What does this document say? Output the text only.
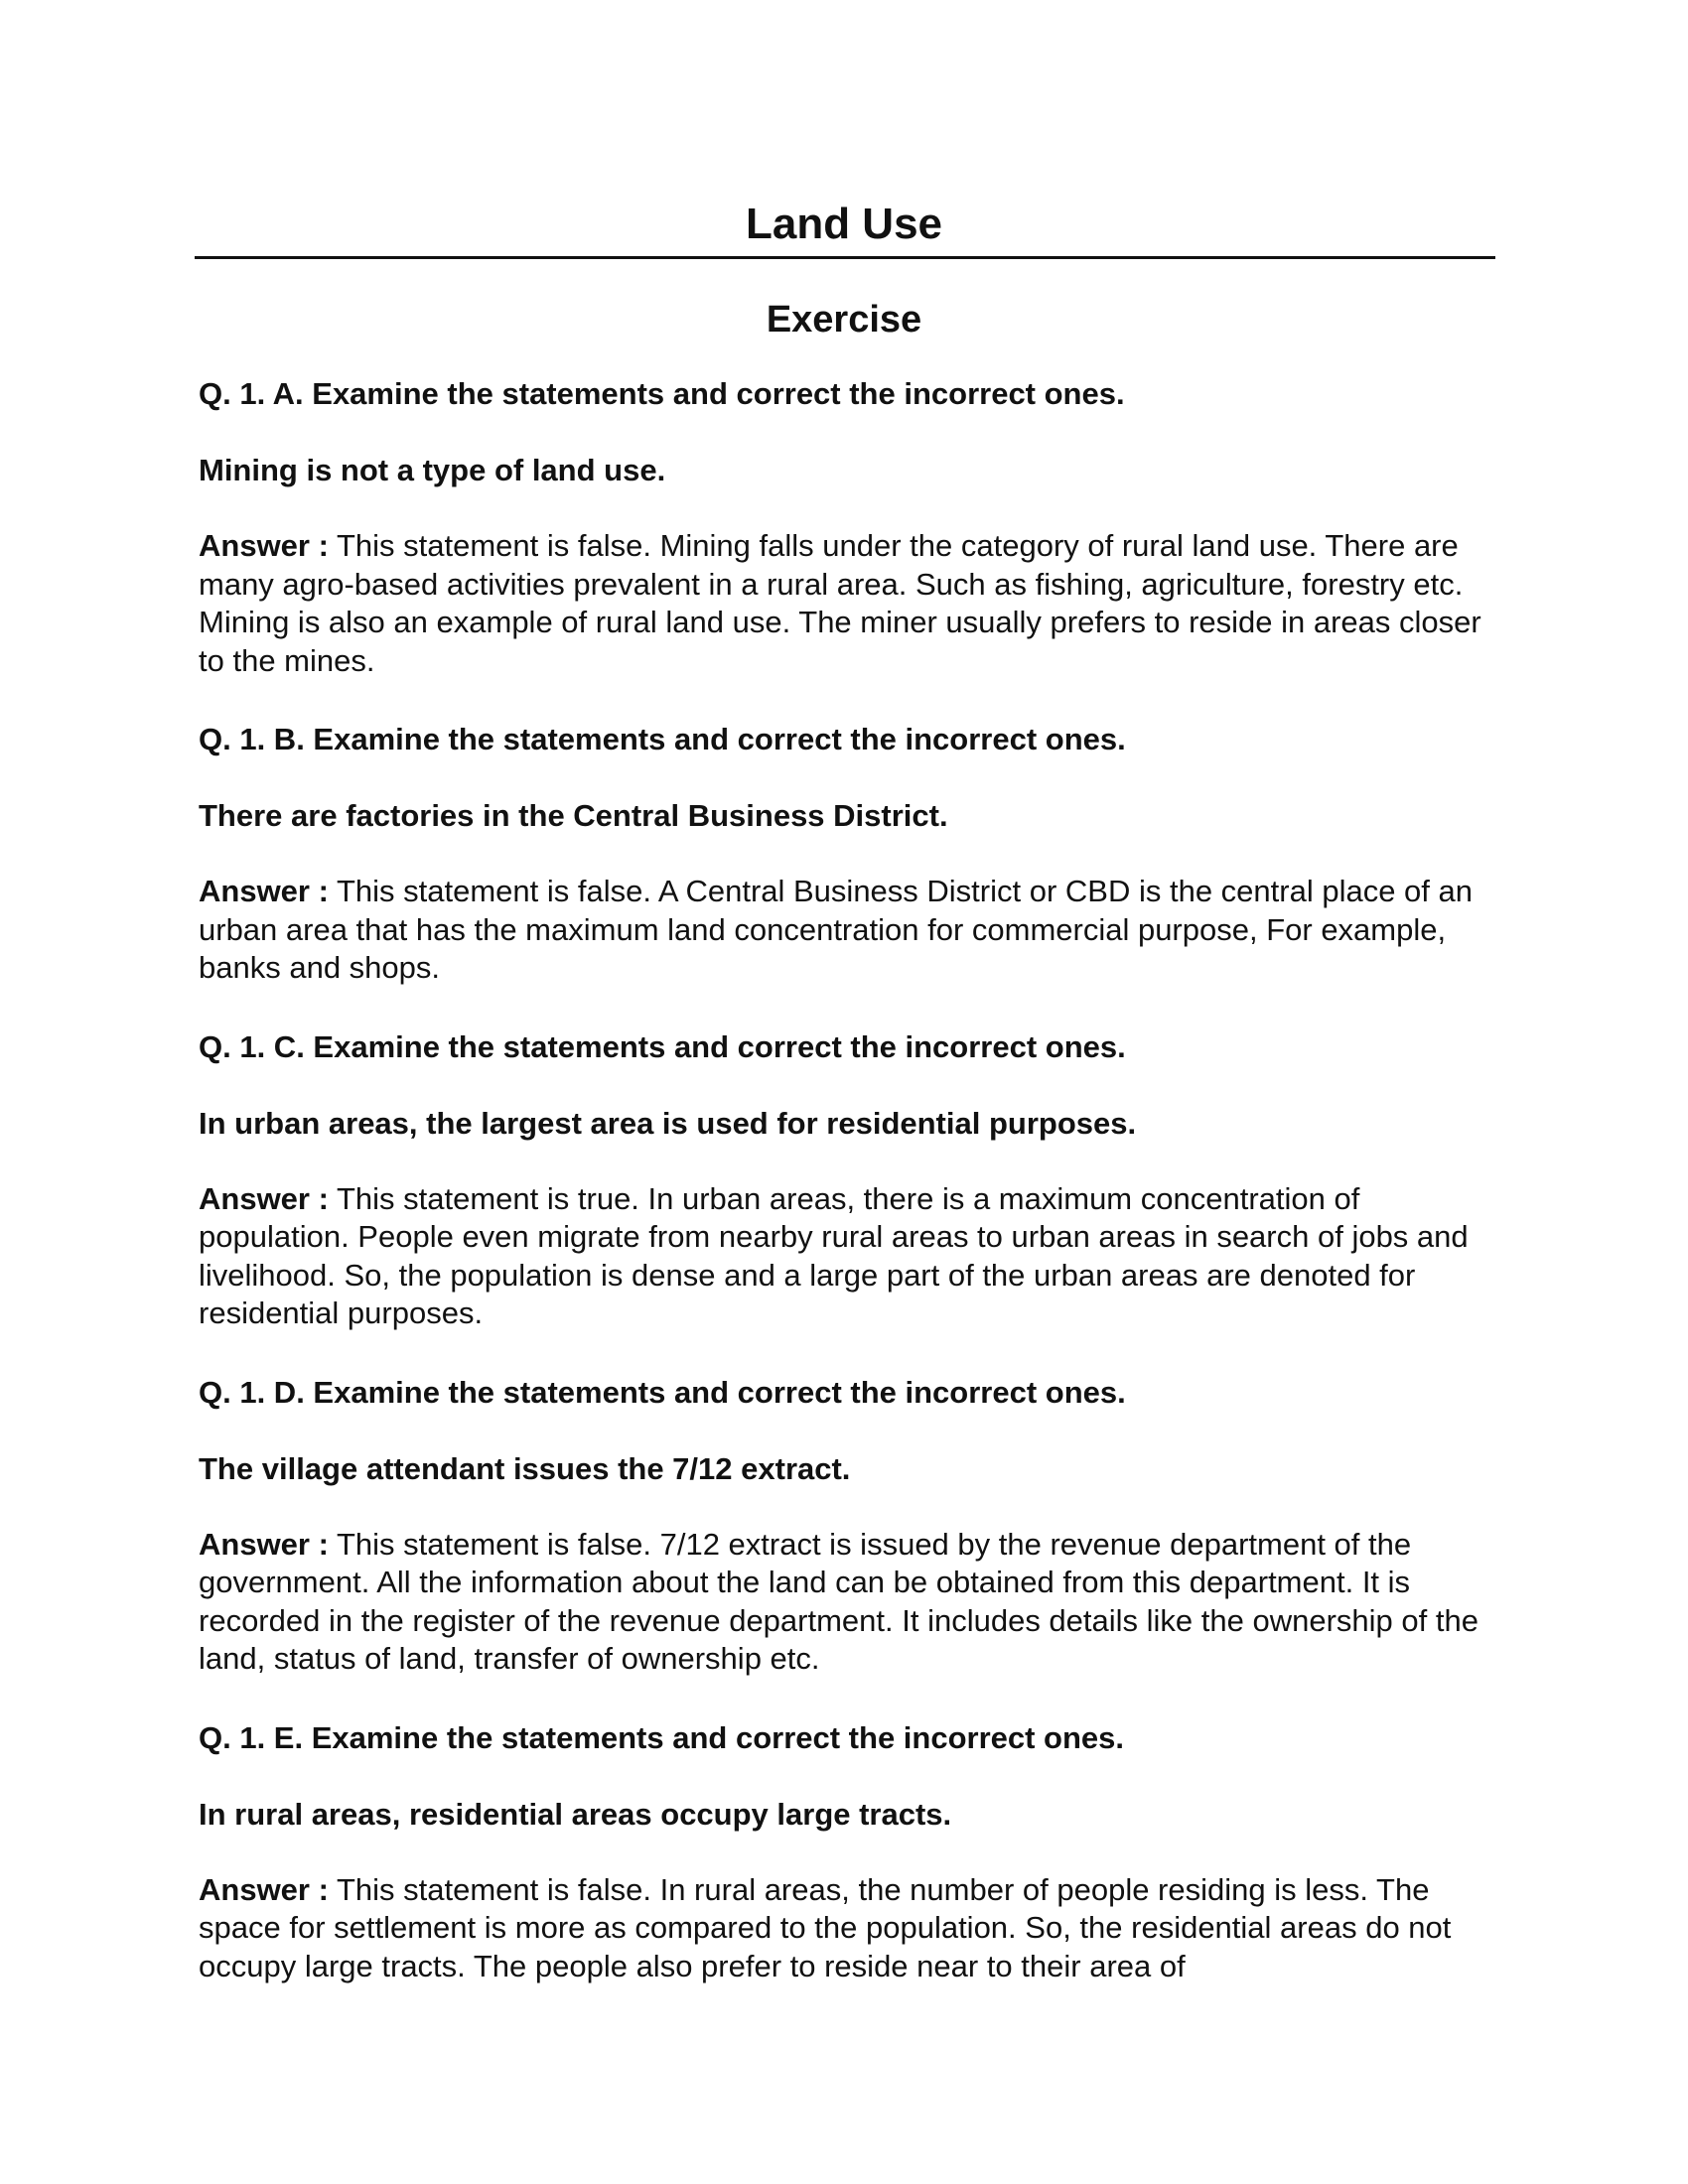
Land Use
Exercise

Q. 1. A. Examine the statements and correct the incorrect ones.

Mining is not a type of land use.

Answer : This statement is false. Mining falls under the category of rural land use. There are many agro-based activities prevalent in a rural area. Such as fishing, agriculture, forestry etc. Mining is also an example of rural land use. The miner usually prefers to reside in areas closer to the mines.

Q. 1. B. Examine the statements and correct the incorrect ones.

There are factories in the Central Business District.

Answer : This statement is false. A Central Business District or CBD is the central place of an urban area that has the maximum land concentration for commercial purpose, For example, banks and shops.

Q. 1. C. Examine the statements and correct the incorrect ones.

In urban areas, the largest area is used for residential purposes.

Answer : This statement is true. In urban areas, there is a maximum concentration of population. People even migrate from nearby rural areas to urban areas in search of jobs and livelihood. So, the population is dense and a large part of the urban areas are denoted for residential purposes.

Q. 1. D. Examine the statements and correct the incorrect ones.

The village attendant issues the 7/12 extract.

Answer : This statement is false. 7/12 extract is issued by the revenue department of the government. All the information about the land can be obtained from this department. It is recorded in the register of the revenue department. It includes details like the ownership of the land, status of land, transfer of ownership etc.

Q. 1. E. Examine the statements and correct the incorrect ones.

In rural areas, residential areas occupy large tracts.

Answer : This statement is false. In rural areas, the number of people residing is less. The space for settlement is more as compared to the population. So, the residential areas do not occupy large tracts. The people also prefer to reside near to their area of
